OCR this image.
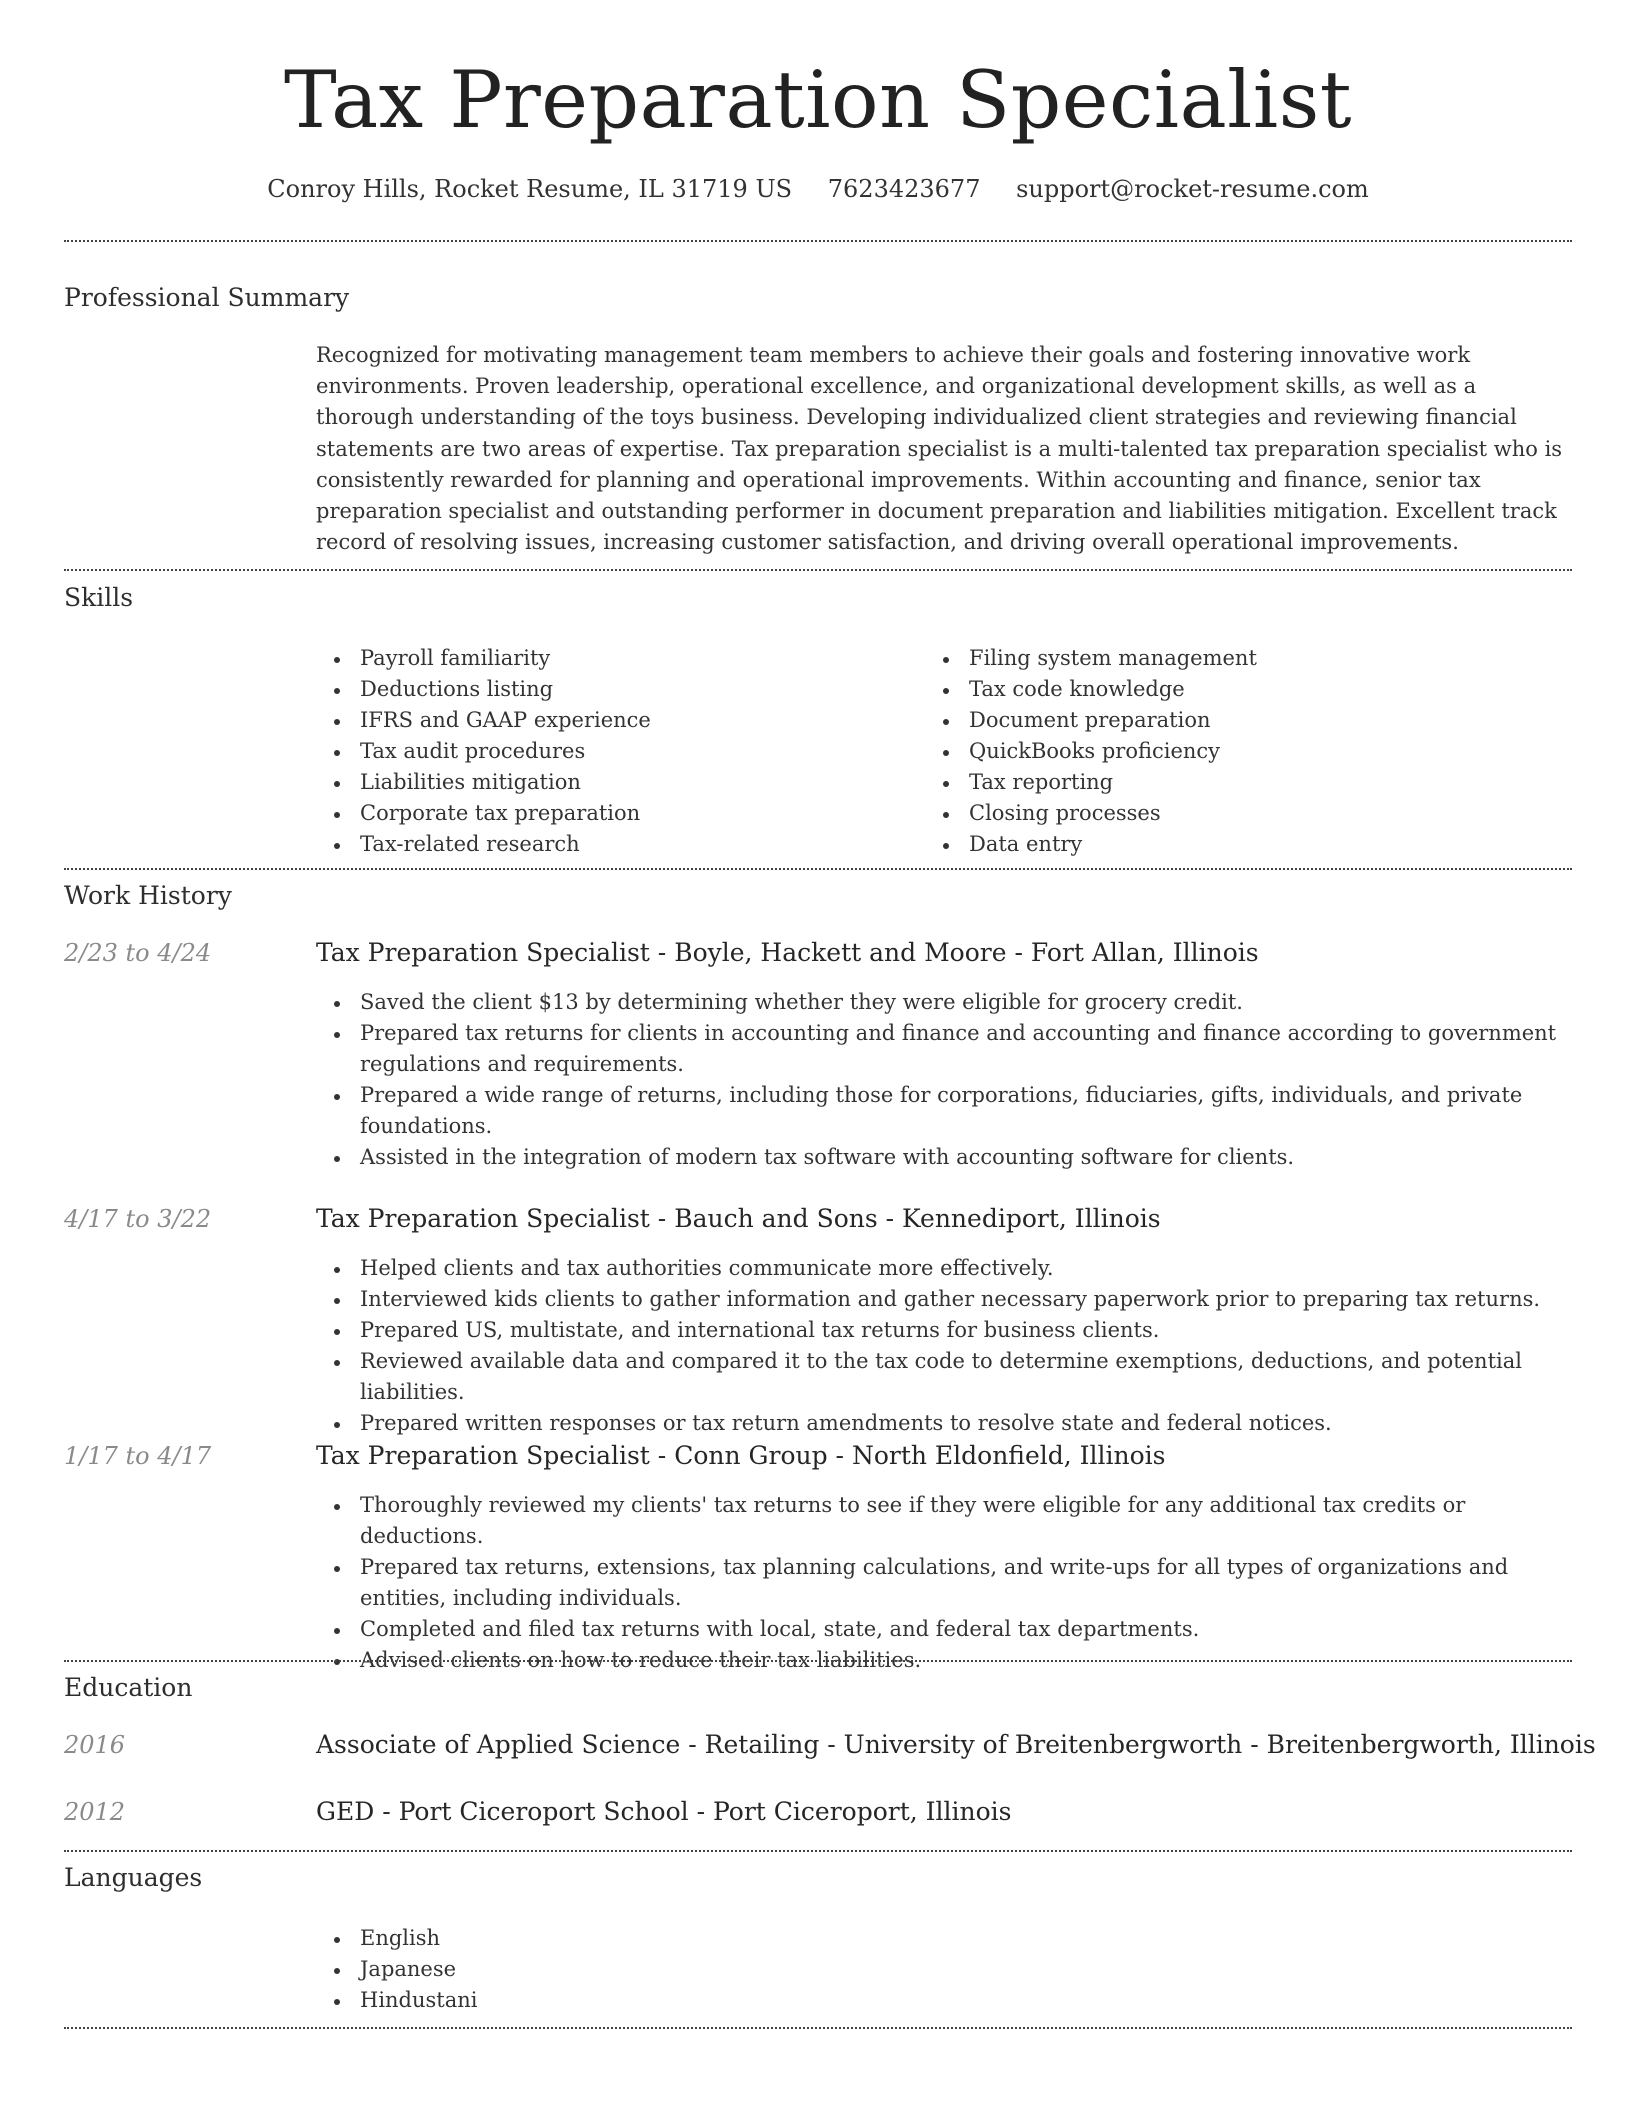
Tax Preparation Specialist
Conroy Hills, Rocket Resume, IL 31719 US 7623423677 support@rocket-resume.com
Professional Summary
Recognized for motivating management team members to achieve their goals and fostering innovative work environments. Proven leadership, operational excellence, and organizational development skills, as well as a thorough understanding of the toys business. Developing individualized client strategies and reviewing financial statements are two areas of expertise. Tax preparation specialist is a multi-talented tax preparation specialist who is consistently rewarded for planning and operational improvements. Within accounting and finance, senior tax preparation specialist and outstanding performer in document preparation and liabilities mitigation. Excellent track record of resolving issues, increasing customer satisfaction, and driving overall operational improvements.
Skills
Payroll familiarity
Deductions listing
IFRS and GAAP experience
Tax audit procedures
Liabilities mitigation
Corporate tax preparation
Tax-related research
Filing system management
Tax code knowledge
Document preparation
QuickBooks proficiency
Tax reporting
Closing processes
Data entry
Work History
2/23 to 4/24	Tax Preparation Specialist - Boyle, Hackett and Moore - Fort Allan, Illinois
Saved the client $13 by determining whether they were eligible for grocery credit.
Prepared tax returns for clients in accounting and finance and accounting and finance according to government regulations and requirements.
Prepared a wide range of returns, including those for corporations, fiduciaries, gifts, individuals, and private foundations.
Assisted in the integration of modern tax software with accounting software for clients.
4/17 to 3/22	Tax Preparation Specialist - Bauch and Sons - Kennediport, Illinois
Helped clients and tax authorities communicate more effectively.
Interviewed kids clients to gather information and gather necessary paperwork prior to preparing tax returns.
Prepared US, multistate, and international tax returns for business clients.
Reviewed available data and compared it to the tax code to determine exemptions, deductions, and potential liabilities.
Prepared written responses or tax return amendments to resolve state and federal notices.
1/17 to 4/17	Tax Preparation Specialist - Conn Group - North Eldonfield, Illinois
Thoroughly reviewed my clients' tax returns to see if they were eligible for any additional tax credits or deductions.
Prepared tax returns, extensions, tax planning calculations, and write-ups for all types of organizations and entities, including individuals.
Completed and filed tax returns with local, state, and federal tax departments.
Advised clients on how to reduce their tax liabilities.
Education
2016	Associate of Applied Science - Retailing - University of Breitenbergworth - Breitenbergworth, Illinois
2012	GED - Port Ciceroport School - Port Ciceroport, Illinois
Languages
English
Japanese
Hindustani
